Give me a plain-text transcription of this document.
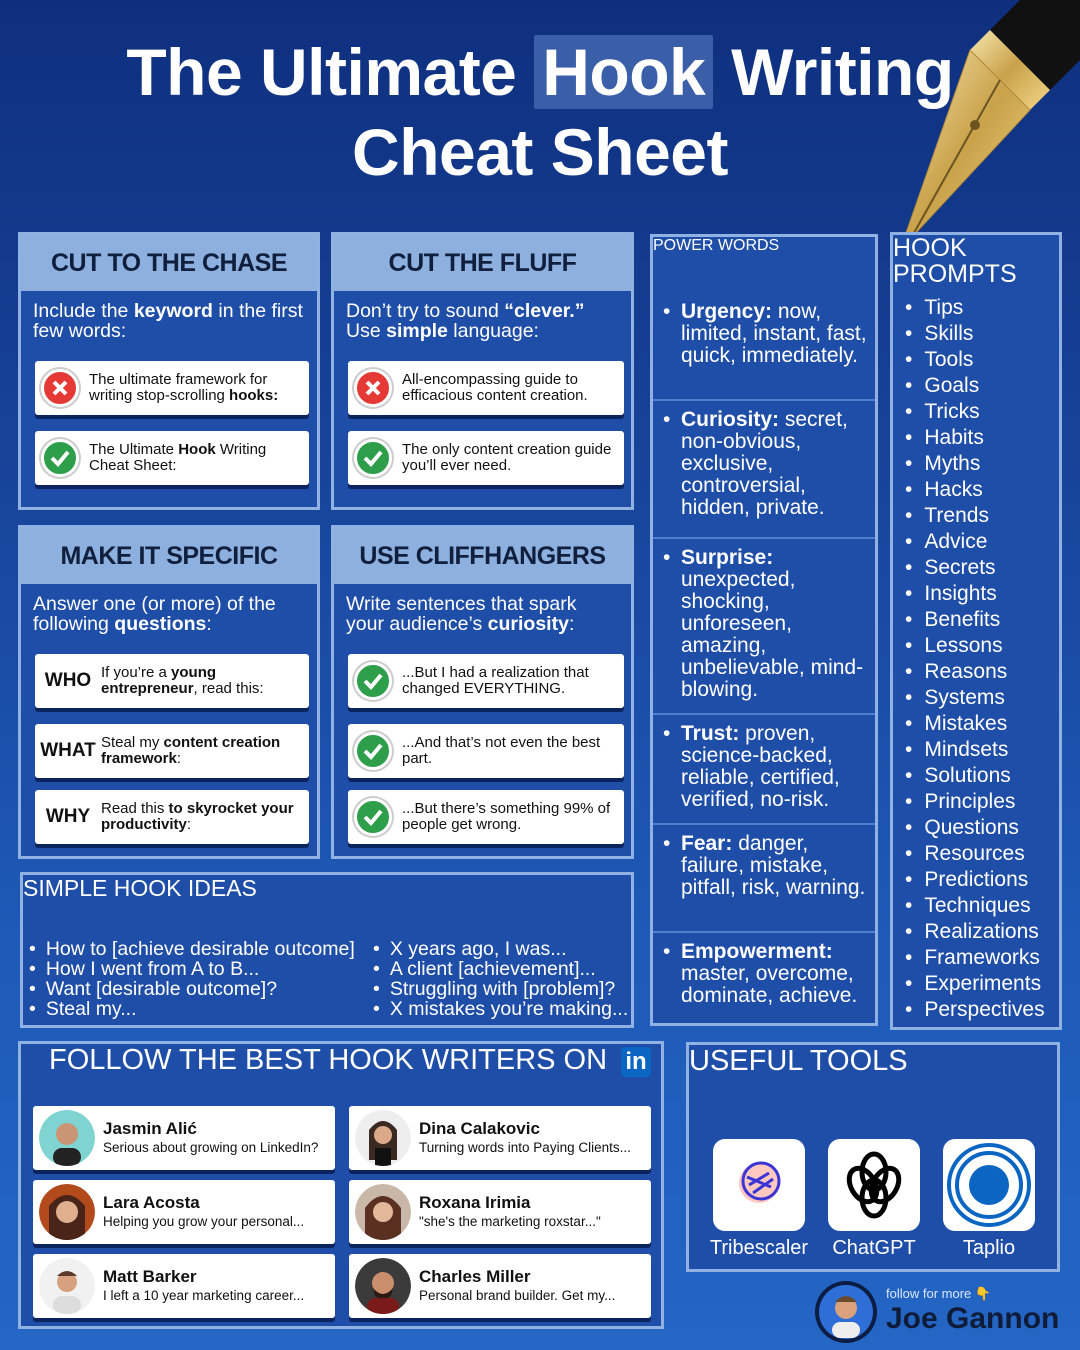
The Ultimate Hook Writing
Cheat Sheet
CUT TO THE CHASE
Include the keyword in the first few words:
The ultimate framework for writing stop-scrolling hooks:
The Ultimate Hook Writing Cheat Sheet:
CUT THE FLUFF
Don’t try to sound “clever.”
Use simple language:
All-encompassing guide to efficacious content creation.
The only content creation guide you’ll ever need.
MAKE IT SPECIFIC
Answer one (or more) of the following questions:
WHO If you’re a young entrepreneur, read this:
WHAT Steal my content creation framework:
WHY Read this to skyrocket your productivity:
USE CLIFFHANGERS
Write sentences that spark your audience’s curiosity:
...But I had a realization that changed EVERYTHING.
...And that’s not even the best part.
...But there’s something 99% of people get wrong.
POWER WORDS
• Urgency: now, limited, instant, fast, quick, immediately.
• Curiosity: secret, non-obvious, exclusive, controversial, hidden, private.
• Surprise: unexpected, shocking, unforeseen, amazing, unbelievable, mind-blowing.
• Trust: proven, science-backed, reliable, certified, verified, no-risk.
• Fear: danger, failure, mistake, pitfall, risk, warning.
• Empowerment: master, overcome, dominate, achieve.
HOOK PROMPTS
• Tips
• Skills
• Tools
• Goals
• Tricks
• Habits
• Myths
• Hacks
• Trends
• Advice
• Secrets
• Insights
• Benefits
• Lessons
• Reasons
• Systems
• Mistakes
• Mindsets
• Solutions
• Principles
• Questions
• Resources
• Predictions
• Techniques
• Realizations
• Frameworks
• Experiments
• Perspectives
SIMPLE HOOK IDEAS
• How to [achieve desirable outcome]
• How I went from A to B...
• Want [desirable outcome]?
• Steal my...
• X years ago, I was...
• A client [achievement]...
• Struggling with [problem]?
• X mistakes you’re making...
FOLLOW THE BEST HOOK WRITERS ON in
Jasmin Alić
Serious about growing on LinkedIn?
Dina Calakovic
Turning words into Paying Clients...
Lara Acosta
Helping you grow your personal...
Roxana Irimia
"she's the marketing roxstar..."
Matt Barker
I left a 10 year marketing career...
Charles Miller
Personal brand builder. Get my...
USEFUL TOOLS
Tribescaler	ChatGPT	Taplio
follow for more 👇
Joe Gannon
